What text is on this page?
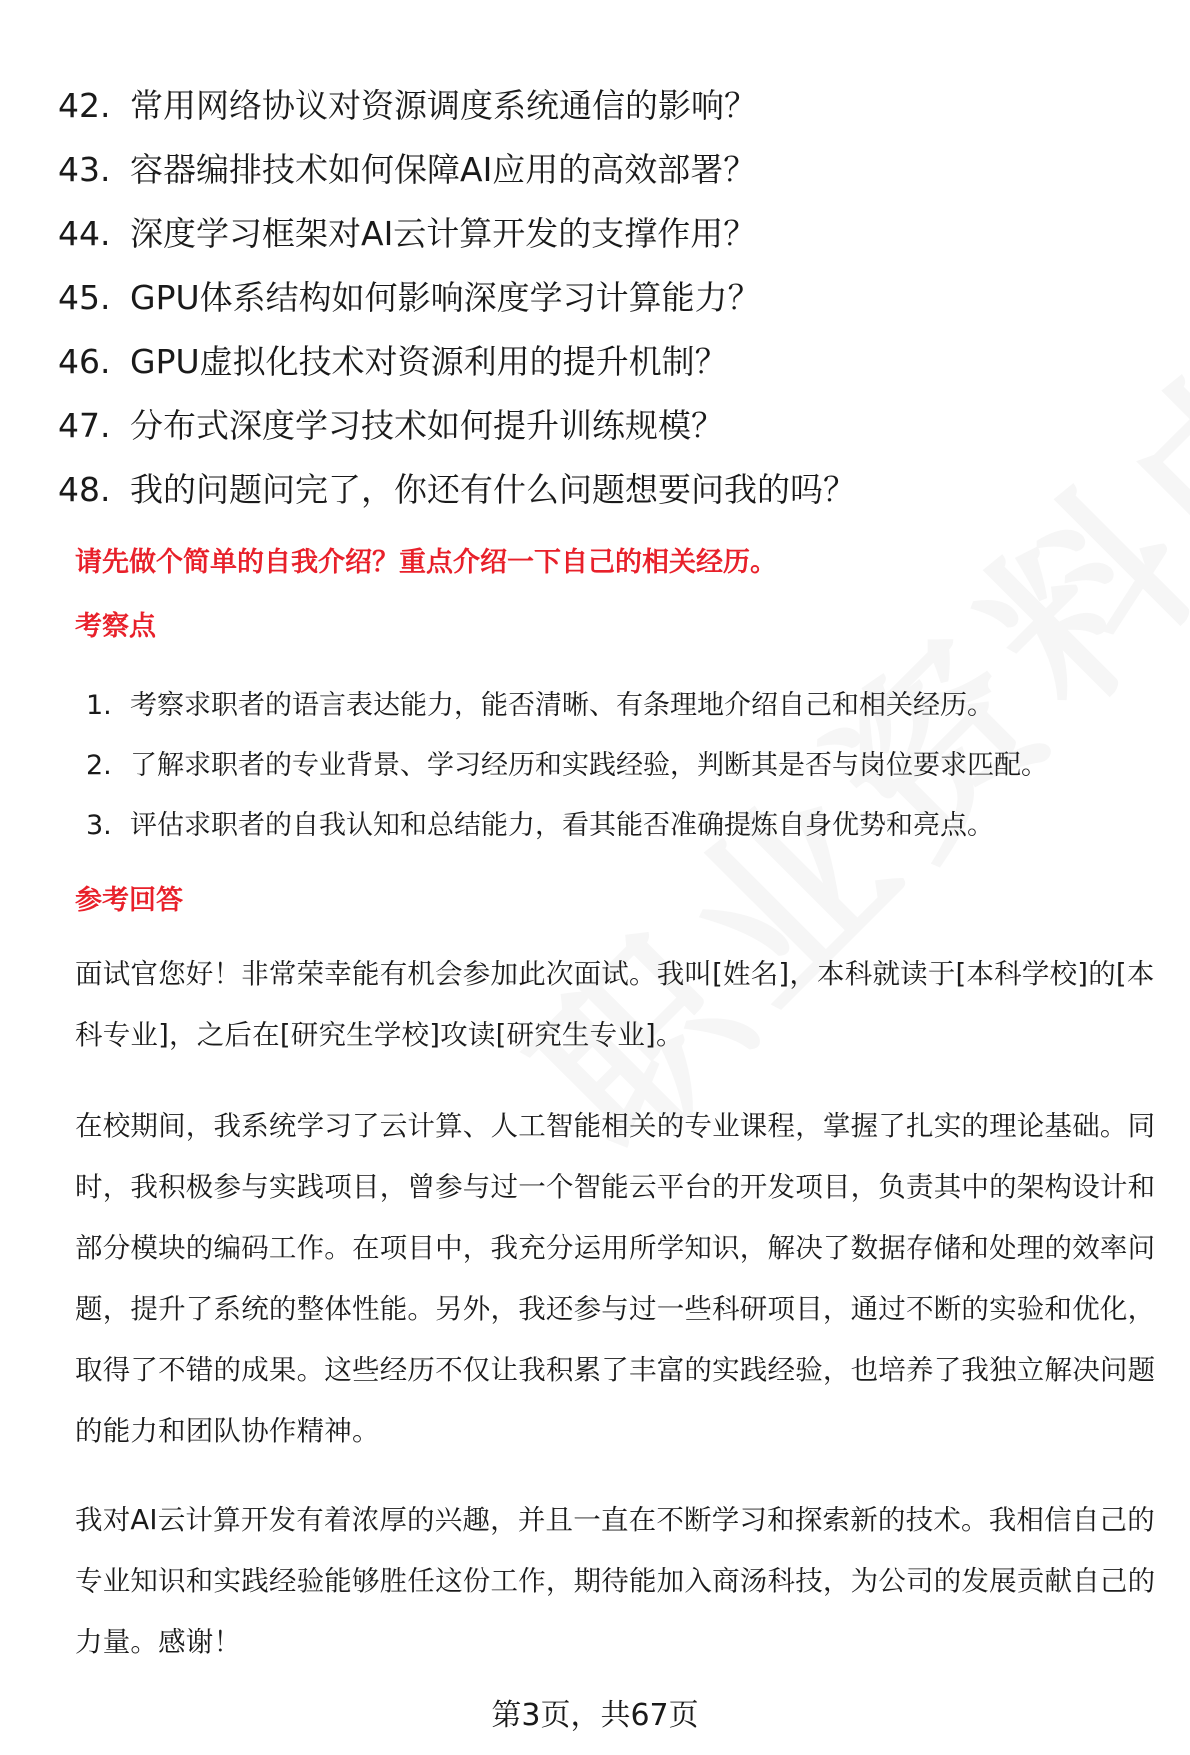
42. 常用网络协议对资源调度系统通信的影响？
43. 容器编排技术如何保障AI应用的高效部署？
44. 深度学习框架对AI云计算开发的支撑作用？
45. GPU体系结构如何影响深度学习计算能力？
46. GPU虚拟化技术对资源利用的提升机制？
47. 分布式深度学习技术如何提升训练规模？
48. 我的问题问完了，你还有什么问题想要问我的吗？
请先做个简单的自我介绍？重点介绍一下自己的相关经历。
考察点
1. 考察求职者的语言表达能力，能否清晰、有条理地介绍自己和相关经历。
2. 了解求职者的专业背景、学习经历和实践经验，判断其是否与岗位要求匹配。
3. 评估求职者的自我认知和总结能力，看其能否准确提炼自身优势和亮点。
参考回答

面试官您好！非常荣幸能有机会参加此次面试。我叫[姓名]，本科就读于[本科学校]的[本科专业]，之后在[研究生学校]攻读[研究生专业]。

在校期间，我系统学习了云计算、人工智能相关的专业课程，掌握了扎实的理论基础。同时，我积极参与实践项目，曾参与过一个智能云平台的开发项目，负责其中的架构设计和部分模块的编码工作。在项目中，我充分运用所学知识，解决了数据存储和处理的效率问题，提升了系统的整体性能。另外，我还参与过一些科研项目，通过不断的实验和优化，取得了不错的成果。这些经历不仅让我积累了丰富的实践经验，也培养了我独立解决问题的能力和团队协作精神。

我对AI云计算开发有着浓厚的兴趣，并且一直在不断学习和探索新的技术。我相信自己的专业知识和实践经验能够胜任这份工作，期待能加入商汤科技，为公司的发展贡献自己的力量。感谢！

第3页，共67页
